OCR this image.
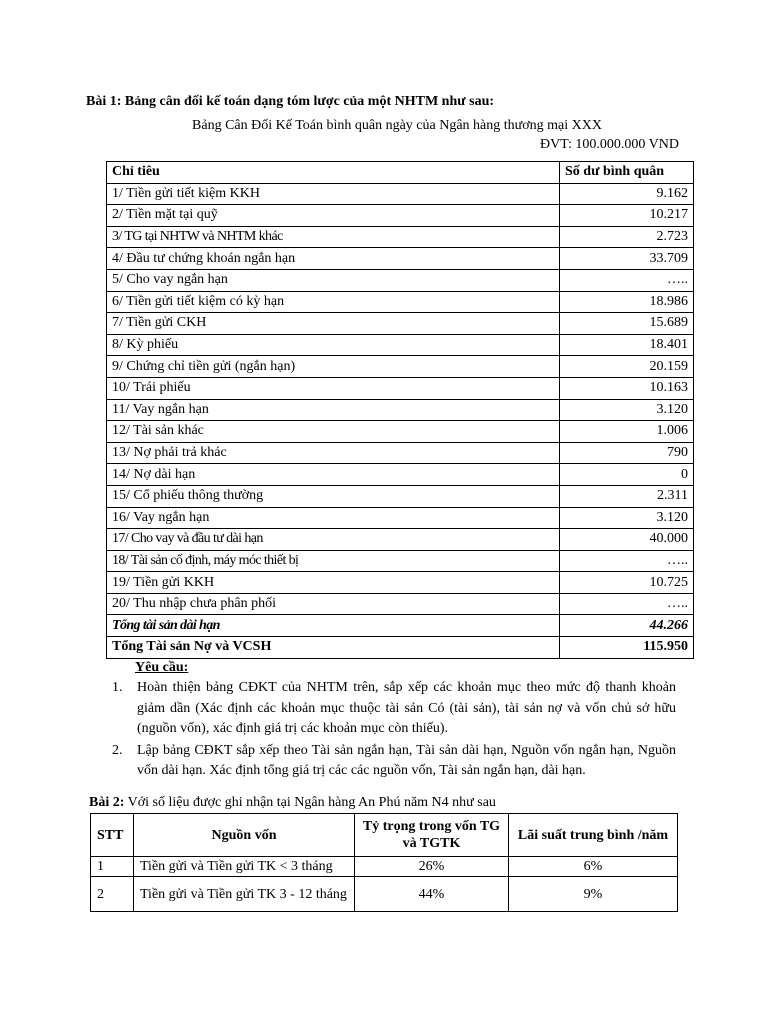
Bài 1: Bảng cân đối kế toán dạng tóm lược của một NHTM như sau:
Bảng Cân Đối Kế Toán bình quân ngày của Ngân hàng thương mại XXX
ĐVT: 100.000.000 VND
Chỉ tiêu	Số dư bình quân
1/ Tiền gửi tiết kiệm KKH	9.162
2/ Tiền mặt tại quỹ	10.217
3/ TG tại NHTW và NHTM khác	2.723
4/ Đầu tư chứng khoán ngắn hạn	33.709
5/ Cho vay ngắn hạn	…..
6/ Tiền gửi tiết kiệm có kỳ hạn	18.986
7/ Tiền gửi CKH	15.689
8/ Kỳ phiếu	18.401
9/ Chứng chỉ tiền gửi (ngắn hạn)	20.159
10/ Trái phiếu	10.163
11/ Vay ngắn hạn	3.120
12/ Tài sản khác	1.006
13/ Nợ phải trả khác	790
14/ Nợ dài hạn	0
15/ Cổ phiếu thông thường	2.311
16/ Vay ngắn hạn	3.120
17/ Cho vay và đầu tư dài hạn	40.000
18/ Tài sản cố định, máy móc thiết bị	…..
19/ Tiền gửi KKH	10.725
20/ Thu nhập chưa phân phối	…..
Tổng tài sản dài hạn	44.266
Tổng Tài sản Nợ và VCSH	115.950
Yêu cầu:
1. Hoàn thiện bảng CĐKT của NHTM trên, sắp xếp các khoản mục theo mức độ thanh khoản giảm dần (Xác định các khoản mục thuộc tài sản Có (tài sản), tài sản nợ và vốn chủ sở hữu (nguồn vốn), xác định giá trị các khoản mục còn thiếu).
2. Lập bảng CĐKT sắp xếp theo Tài sản ngắn hạn, Tài sản dài hạn, Nguồn vốn ngắn hạn, Nguồn vốn dài hạn. Xác định tổng giá trị các các nguồn vốn, Tài sản ngắn hạn, dài hạn.
Bài 2: Với số liệu được ghi nhận tại Ngân hàng An Phú năm N4 như sau
STT	Nguồn vốn	Tỷ trọng trong vốn TG và TGTK	Lãi suất trung bình /năm
1	Tiền gửi và Tiền gửi TK < 3 tháng	26%	6%
2	Tiền gửi và Tiền gửi TK 3 - 12 tháng	44%	9%
